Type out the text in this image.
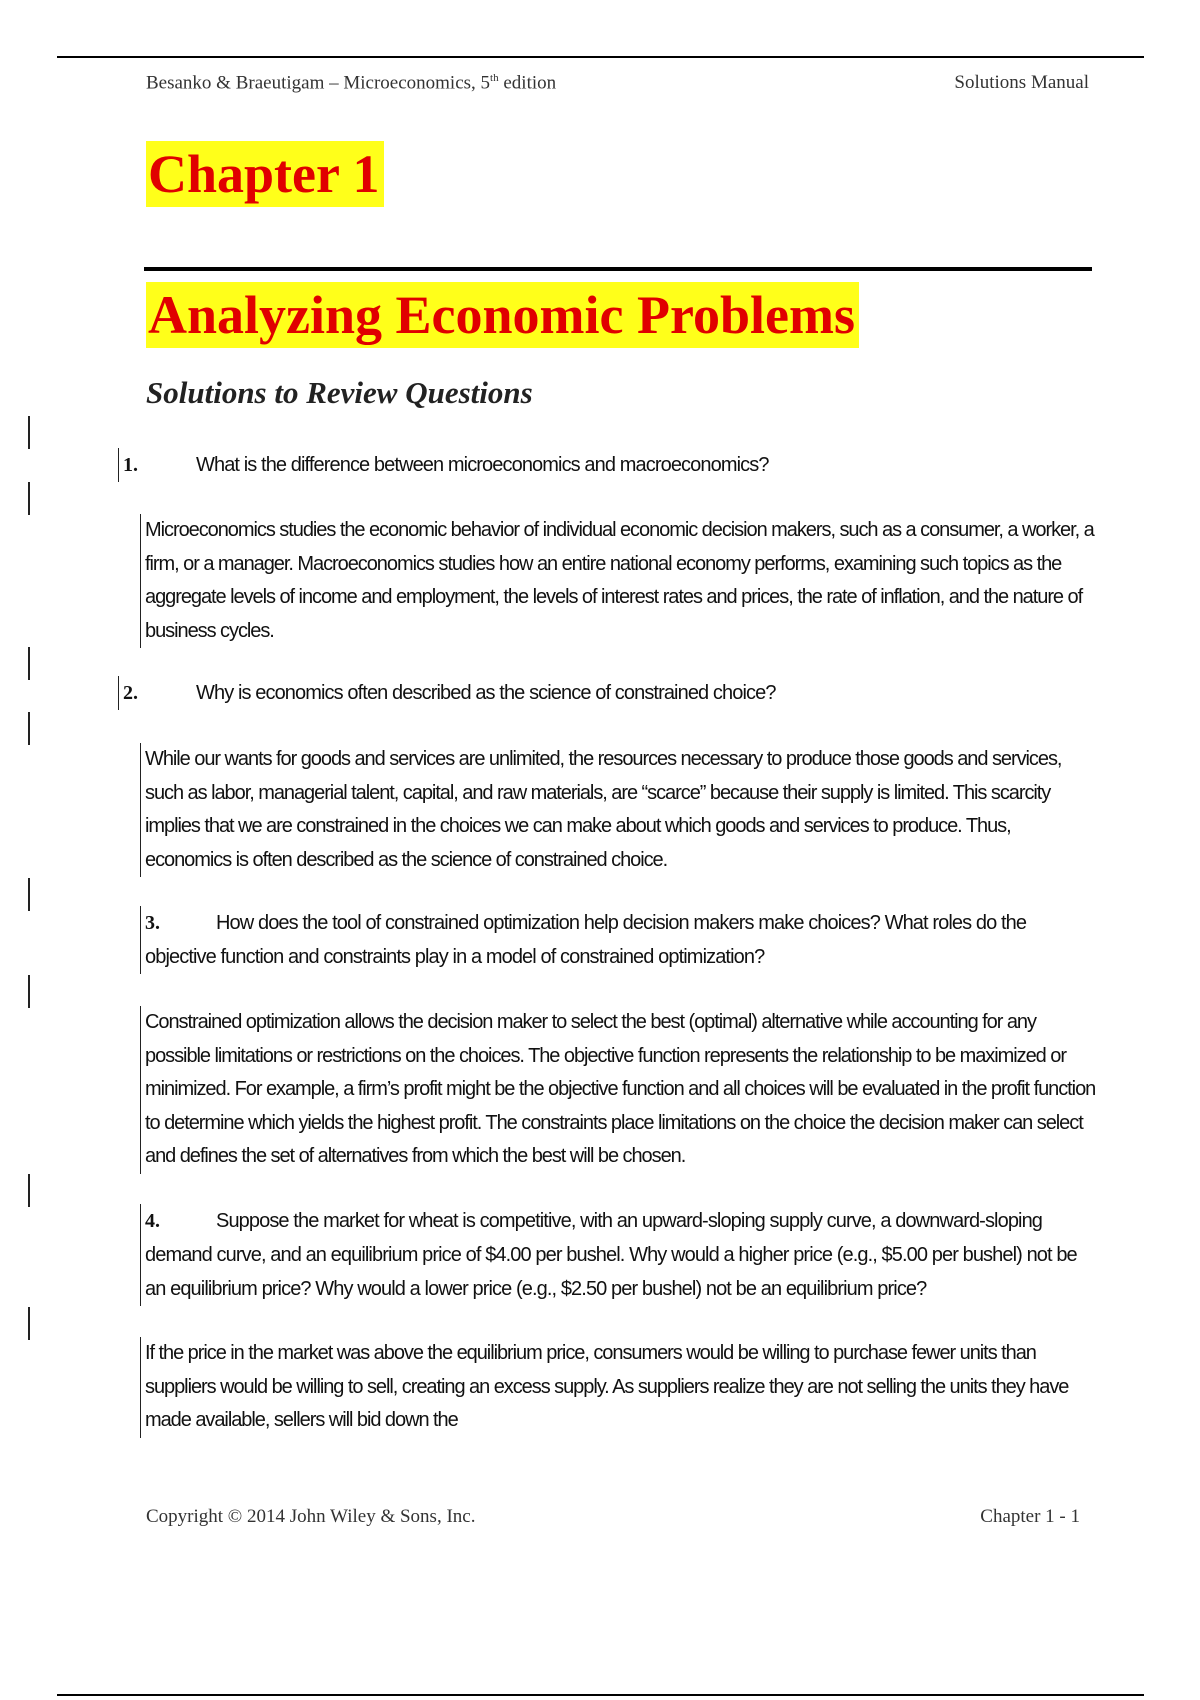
Besanko & Braeutigam – Microeconomics, 5th edition	Solutions Manual
Chapter 1
Analyzing Economic Problems
Solutions to Review Questions
1.	What is the difference between microeconomics and macroeconomics?
Microeconomics studies the economic behavior of individual economic decision makers, such as a consumer, a worker, a firm, or a manager. Macroeconomics studies how an entire national economy performs, examining such topics as the aggregate levels of income and employment, the levels of interest rates and prices, the rate of inflation, and the nature of business cycles.
2.	Why is economics often described as the science of constrained choice?
While our wants for goods and services are unlimited, the resources necessary to produce those goods and services, such as labor, managerial talent, capital, and raw materials, are “scarce” because their supply is limited. This scarcity implies that we are constrained in the choices we can make about which goods and services to produce. Thus, economics is often described as the science of constrained choice.
3.	How does the tool of constrained optimization help decision makers make choices? What roles do the objective function and constraints play in a model of constrained optimization?
Constrained optimization allows the decision maker to select the best (optimal) alternative while accounting for any possible limitations or restrictions on the choices. The objective function represents the relationship to be maximized or minimized. For example, a firm’s profit might be the objective function and all choices will be evaluated in the profit function to determine which yields the highest profit. The constraints place limitations on the choice the decision maker can select and defines the set of alternatives from which the best will be chosen.
4.	Suppose the market for wheat is competitive, with an upward-sloping supply curve, a downward-sloping demand curve, and an equilibrium price of $4.00 per bushel. Why would a higher price (e.g., $5.00 per bushel) not be an equilibrium price? Why would a lower price (e.g., $2.50 per bushel) not be an equilibrium price?
If the price in the market was above the equilibrium price, consumers would be willing to purchase fewer units than suppliers would be willing to sell, creating an excess supply. As suppliers realize they are not selling the units they have made available, sellers will bid down the
Copyright © 2014 John Wiley & Sons, Inc.	Chapter 1 - 1
